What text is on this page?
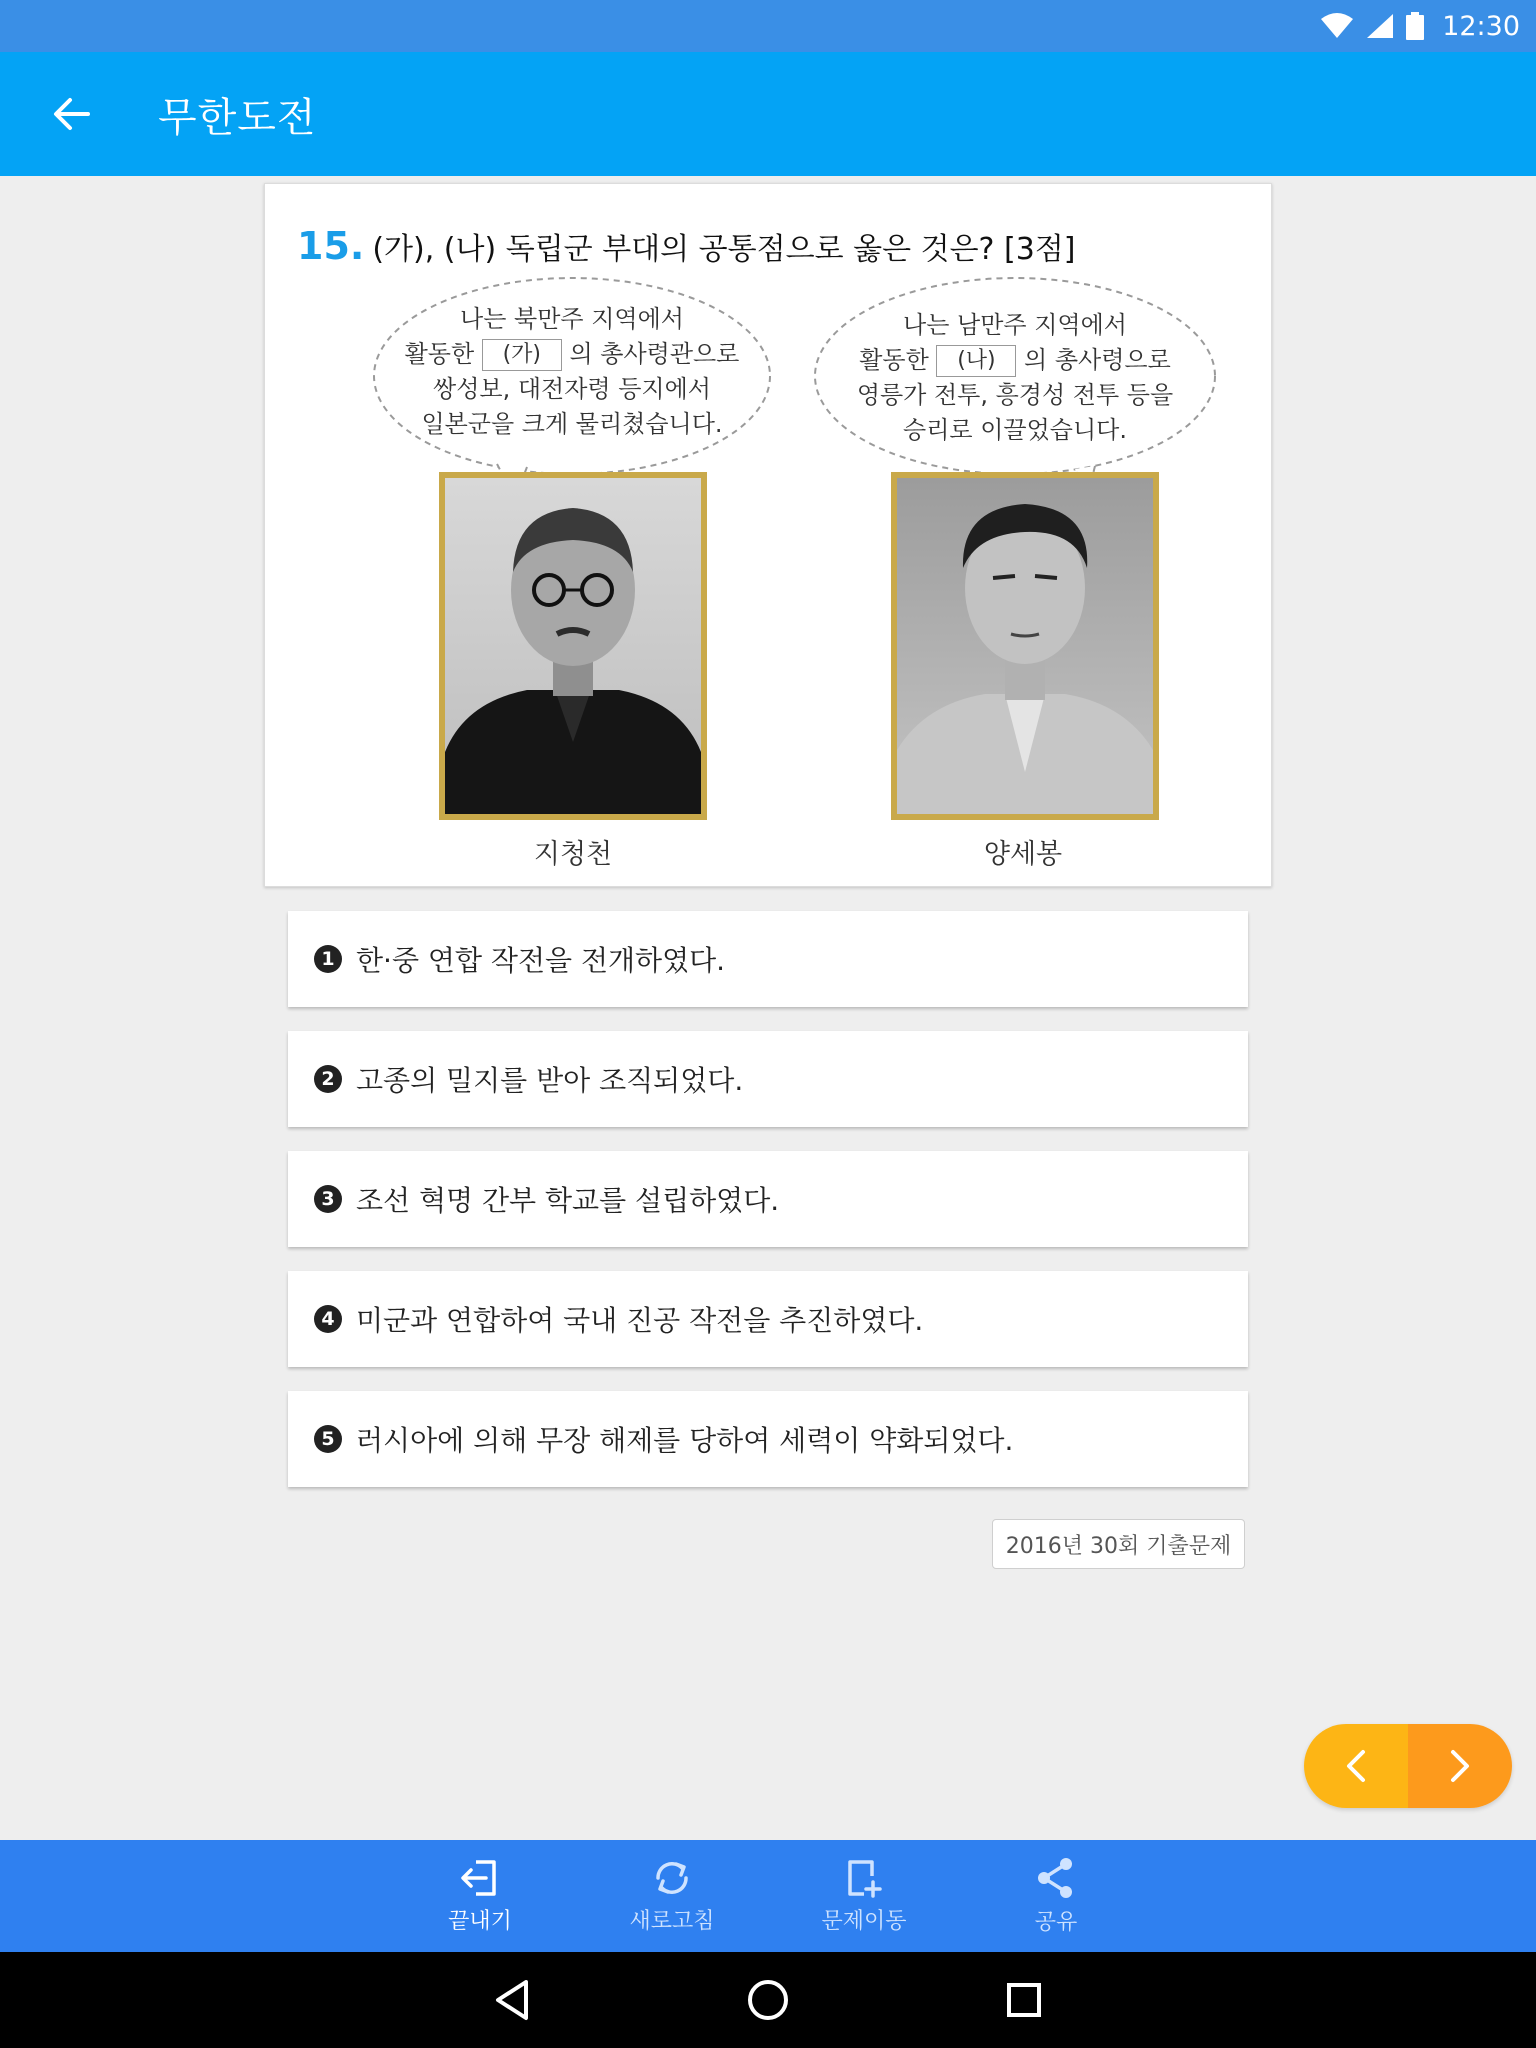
12:30
무한도전
15. (가), (나) 독립군 부대의 공통점으로 옳은 것은? [3점]
나는 북만주 지역에서
활동한 (가) 의 총사령관으로
쌍성보, 대전자령 등지에서
일본군을 크게 물리쳤습니다.
나는 남만주 지역에서
활동한 (나) 의 총사령으로
영릉가 전투, 흥경성 전투 등을
승리로 이끌었습니다.
지청천	양세봉
1 한·중 연합 작전을 전개하였다.
2 고종의 밀지를 받아 조직되었다.
3 조선 혁명 간부 학교를 설립하였다.
4 미군과 연합하여 국내 진공 작전을 추진하였다.
5 러시아에 의해 무장 해제를 당하여 세력이 약화되었다.
2016년 30회 기출문제
끝내기	새로고침	문제이동	공유
